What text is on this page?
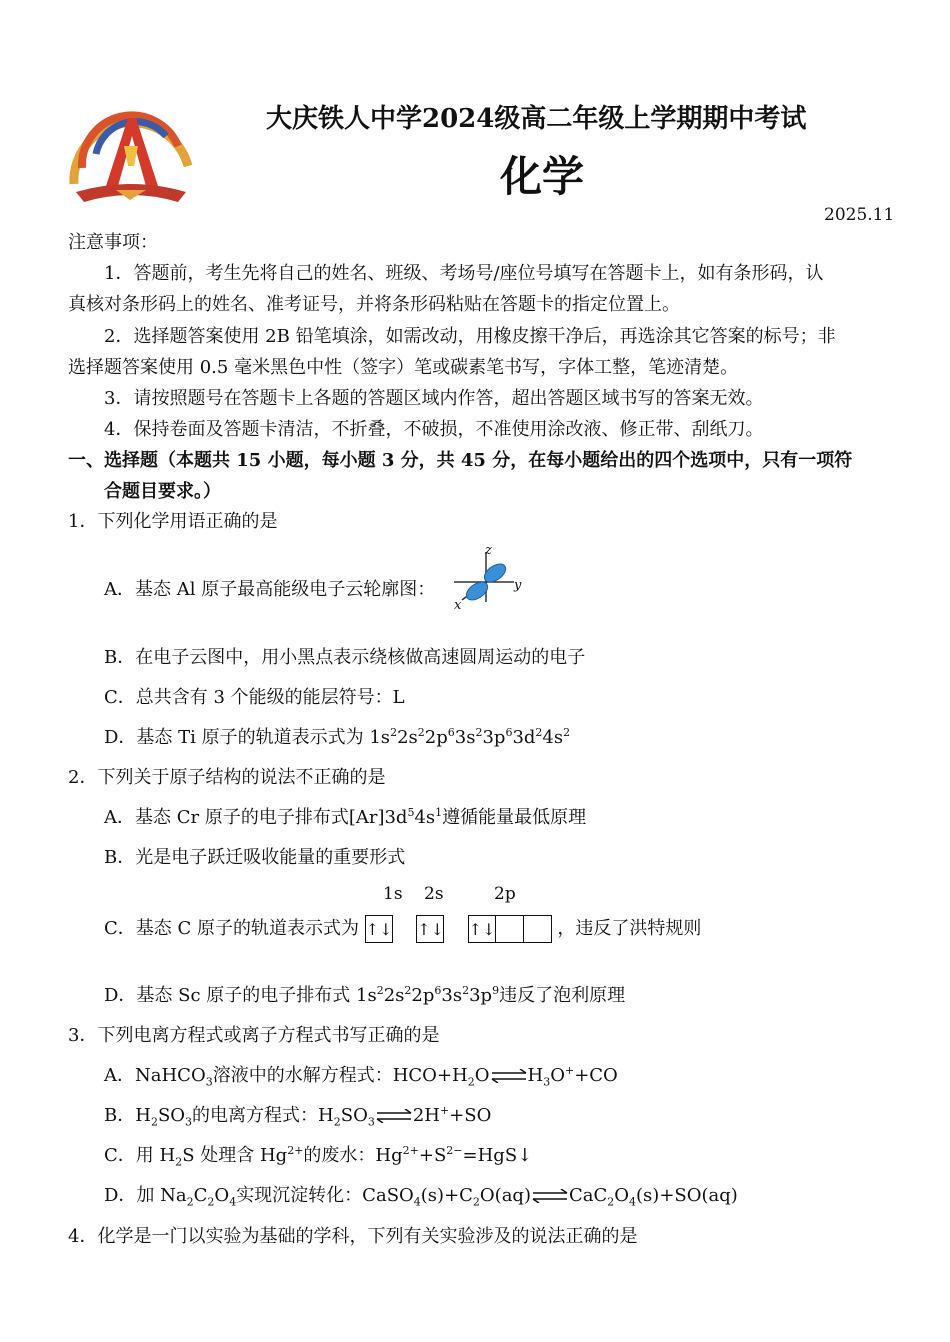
大庆铁人中学2024级高二年级上学期期中考试
化学
2025.11
注意事项：
1．答题前，考生先将自己的姓名、班级、考场号/座位号填写在答题卡上，如有条形码，认
真核对条形码上的姓名、准考证号，并将条形码粘贴在答题卡的指定位置上。
2．选择题答案使用 2B 铅笔填涂，如需改动，用橡皮擦干净后，再选涂其它答案的标号；非
选择题答案使用 0.5 毫米黑色中性（签字）笔或碳素笔书写，字体工整，笔迹清楚。
3．请按照题号在答题卡上各题的答题区域内作答，超出答题区域书写的答案无效。
4．保持卷面及答题卡清洁，不折叠，不破损，不准使用涂改液、修正带、刮纸刀。
一、选择题（本题共 15 小题，每小题 3 分，共 45 分，在每小题给出的四个选项中，只有一项符
合题目要求。）
1．下列化学用语正确的是
A．基态 Al 原子最高能级电子云轮廓图：
z
y
x
B．在电子云图中，用小黑点表示绕核做高速圆周运动的电子
C．总共含有 3 个能级的能层符号：L
D．基态 Ti 原子的轨道表示式为 $1s^22s^22p^63s^23p^63d^24s^2$
2．下列关于原子结构的说法不正确的是
A．基态 Cr 原子的电子排布式$[Ar]3d^54s^1$遵循能量最低原理
B．光是电子跃迁吸收能量的重要形式
1s 2s	2p
C．基态 C 原子的轨道表示式为 ↑↓ ↑↓ ↑↓	，违反了洪特规则
D．基态 Sc 原子的电子排布式 $1s^22s^22p^63s^23p^9$违反了泡利原理
3．下列电离方程式或离子方程式书写正确的是
A．NaHCO$_3$溶液中的水解方程式：$HCO+H_2O\rightleftharpoons H_3O^++CO$
B．$H_2SO_3$的电离方程式：$H_2SO_3\rightleftharpoons 2H^++SO$
C．用 $H_2S$ 处理含 $Hg^{2+}$的废水：$Hg^{2+}+S^{2-}=HgS↓$
D．加 $Na_2C_2O_4$实现沉淀转化：$CaSO_4(s)+C_2O(aq)\rightleftharpoons CaC_2O_4(s)+SO(aq)$
4．化学是一门以实验为基础的学科，下列有关实验涉及的说法正确的是
